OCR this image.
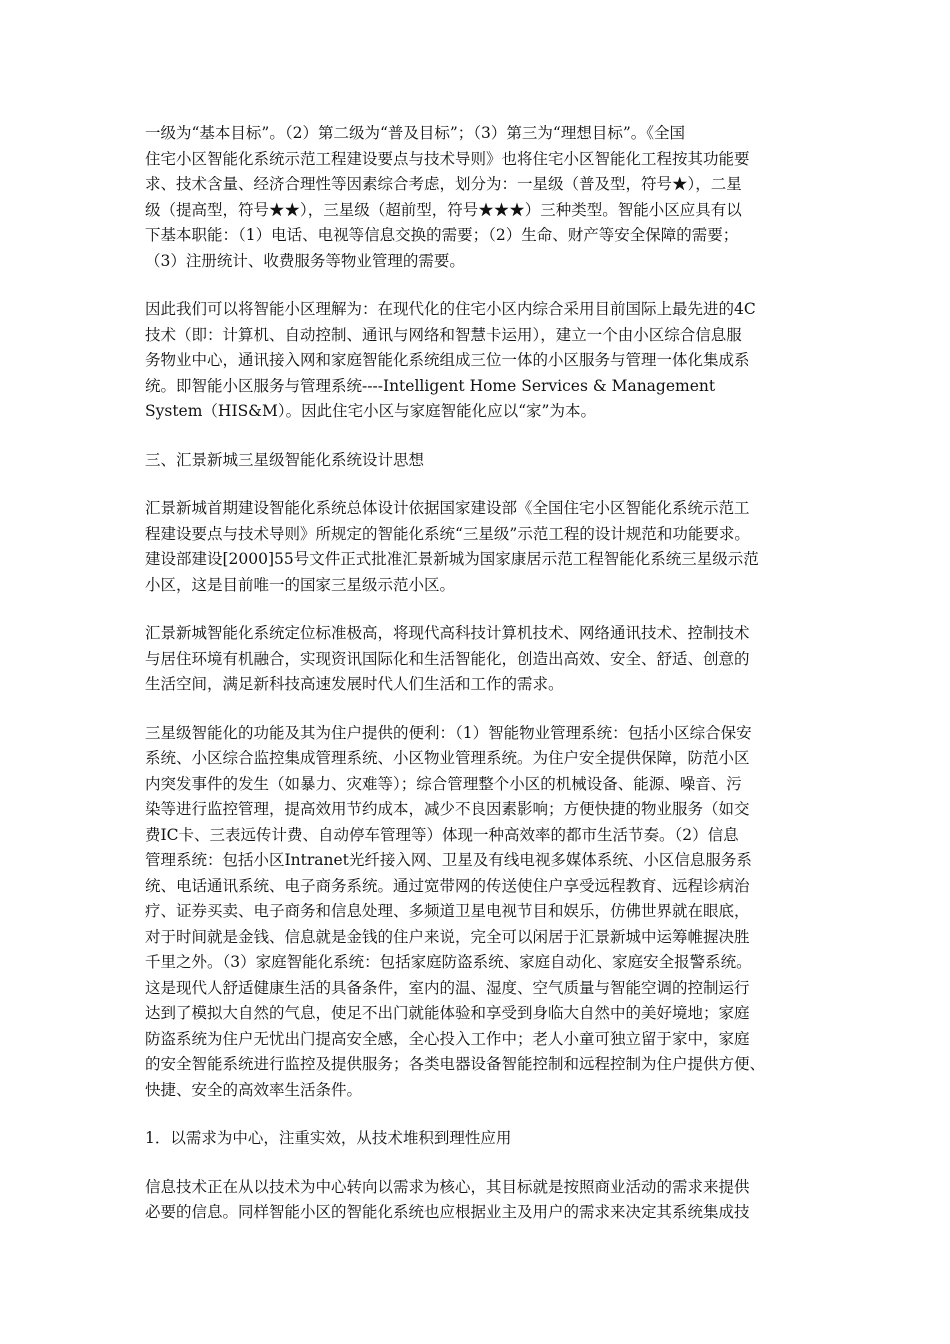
一级为“基本目标”。（2）第二级为“普及目标”；（3）第三为“理想目标”。《全国
住宅小区智能化系统示范工程建设要点与技术导则》也将住宅小区智能化工程按其功能要
求、技术含量、经济合理性等因素综合考虑，划分为：一星级（普及型，符号★），二星
级（提高型，符号★★），三星级（超前型，符号★★★）三种类型。智能小区应具有以
下基本职能：（1）电话、电视等信息交换的需要；（2）生命、财产等安全保障的需要；
（3）注册统计、收费服务等物业管理的需要。
因此我们可以将智能小区理解为：在现代化的住宅小区内综合采用目前国际上最先进的4C
技术（即：计算机、自动控制、通讯与网络和智慧卡运用），建立一个由小区综合信息服
务物业中心，通讯接入网和家庭智能化系统组成三位一体的小区服务与管理一体化集成系
统。即智能小区服务与管理系统----Intelligent Home Services & Management
System（HIS&M）。因此住宅小区与家庭智能化应以“家”为本。
三、汇景新城三星级智能化系统设计思想
汇景新城首期建设智能化系统总体设计依据国家建设部《全国住宅小区智能化系统示范工
程建设要点与技术导则》所规定的智能化系统“三星级”示范工程的设计规范和功能要求。
建设部建设[2000]55号文件正式批准汇景新城为国家康居示范工程智能化系统三星级示范
小区，这是目前唯一的国家三星级示范小区。
汇景新城智能化系统定位标准极高，将现代高科技计算机技术、网络通讯技术、控制技术
与居住环境有机融合，实现资讯国际化和生活智能化，创造出高效、安全、舒适、创意的
生活空间，满足新科技高速发展时代人们生活和工作的需求。
三星级智能化的功能及其为住户提供的便利：（1）智能物业管理系统：包括小区综合保安
系统、小区综合监控集成管理系统、小区物业管理系统。为住户安全提供保障，防范小区
内突发事件的发生（如暴力、灾难等）；综合管理整个小区的机械设备、能源、噪音、污
染等进行监控管理，提高效用节约成本，减少不良因素影响；方便快捷的物业服务（如交
费IC卡、三表远传计费、自动停车管理等）体现一种高效率的都市生活节奏。（2）信息
管理系统：包括小区Intranet光纤接入网、卫星及有线电视多媒体系统、小区信息服务系
统、电话通讯系统、电子商务系统。通过宽带网的传送使住户享受远程教育、远程诊病治
疗、证券买卖、电子商务和信息处理、多频道卫星电视节目和娱乐，仿佛世界就在眼底，
对于时间就是金钱、信息就是金钱的住户来说，完全可以闲居于汇景新城中运筹帷握决胜
千里之外。（3）家庭智能化系统：包括家庭防盗系统、家庭自动化、家庭安全报警系统。
这是现代人舒适健康生活的具备条件，室内的温、湿度、空气质量与智能空调的控制运行
达到了模拟大自然的气息，使足不出门就能体验和享受到身临大自然中的美好境地；家庭
防盗系统为住户无忧出门提高安全感，全心投入工作中；老人小童可独立留于家中，家庭
的安全智能系统进行监控及提供服务；各类电器设备智能控制和远程控制为住户提供方便、
快捷、安全的高效率生活条件。
1．以需求为中心，注重实效，从技术堆积到理性应用
信息技术正在从以技术为中心转向以需求为核心，其目标就是按照商业活动的需求来提供
必要的信息。同样智能小区的智能化系统也应根据业主及用户的需求来决定其系统集成技
